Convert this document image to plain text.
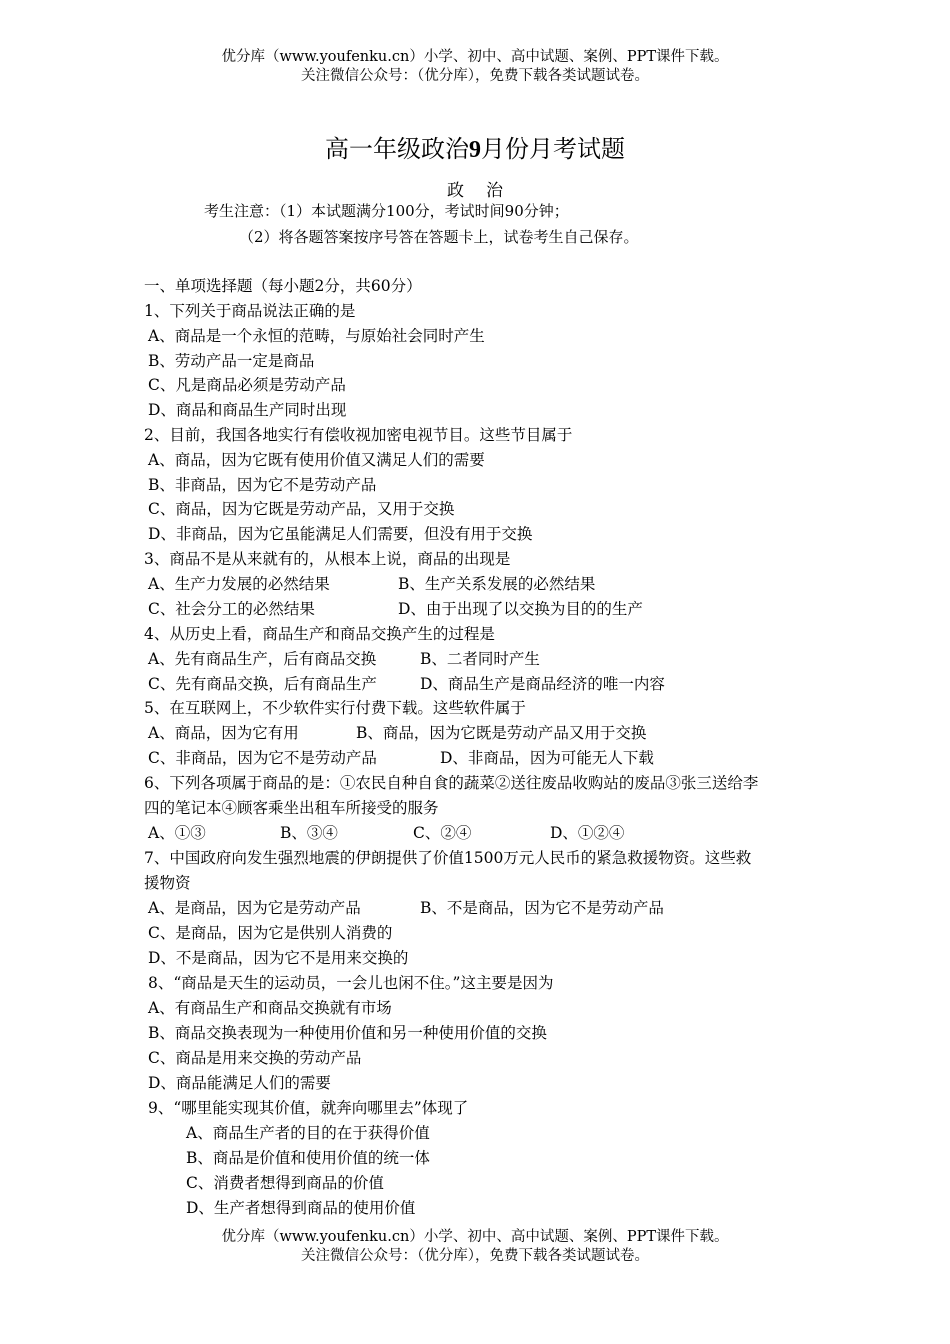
优分库（www.youfenku.cn）小学、初中、高中试题、案例、PPT课件下载。
关注微信公众号：（优分库），免费下载各类试题试卷。
高一年级政治9月份月考试题
政治
考生注意：（1）本试题满分100分，考试时间90分钟；
（2）将各题答案按序号答在答题卡上，试卷考生自己保存。
一、单项选择题（每小题2分，共60分）
1、下列关于商品说法正确的是
A、商品是一个永恒的范畴，与原始社会同时产生
B、劳动产品一定是商品
C、凡是商品必须是劳动产品
D、商品和商品生产同时出现
2、目前，我国各地实行有偿收视加密电视节目。这些节目属于
A、商品，因为它既有使用价值又满足人们的需要
B、非商品，因为它不是劳动产品
C、商品，因为它既是劳动产品，又用于交换
D、非商品，因为它虽能满足人们需要，但没有用于交换
3、商品不是从来就有的，从根本上说，商品的出现是
A、生产力发展的必然结果	B、生产关系发展的必然结果
C、社会分工的必然结果	D、由于出现了以交换为目的的生产
4、从历史上看，商品生产和商品交换产生的过程是
A、先有商品生产，后有商品交换	B、二者同时产生
C、先有商品交换，后有商品生产	D、商品生产是商品经济的唯一内容
5、在互联网上，不少软件实行付费下载。这些软件属于
A、商品，因为它有用	B、商品，因为它既是劳动产品又用于交换
C、非商品，因为它不是劳动产品	D、非商品，因为可能无人下载
6、下列各项属于商品的是：①农民自种自食的蔬菜②送往废品收购站的废品③张三送给李
四的笔记本④顾客乘坐出租车所接受的服务
A、①③	B、③④	C、②④	D、①②④
7、中国政府向发生强烈地震的伊朗提供了价值1500万元人民币的紧急救援物资。这些救
援物资
A、是商品，因为它是劳动产品	B、不是商品，因为它不是劳动产品
C、是商品，因为它是供别人消费的
D、不是商品，因为它不是用来交换的
8、“商品是天生的运动员，一会儿也闲不住。”这主要是因为
A、有商品生产和商品交换就有市场
B、商品交换表现为一种使用价值和另一种使用价值的交换
C、商品是用来交换的劳动产品
D、商品能满足人们的需要
9、“哪里能实现其价值，就奔向哪里去”体现了
A、商品生产者的目的在于获得价值
B、商品是价值和使用价值的统一体
C、消费者想得到商品的价值
D、生产者想得到商品的使用价值
优分库（www.youfenku.cn）小学、初中、高中试题、案例、PPT课件下载。
关注微信公众号：（优分库），免费下载各类试题试卷。
